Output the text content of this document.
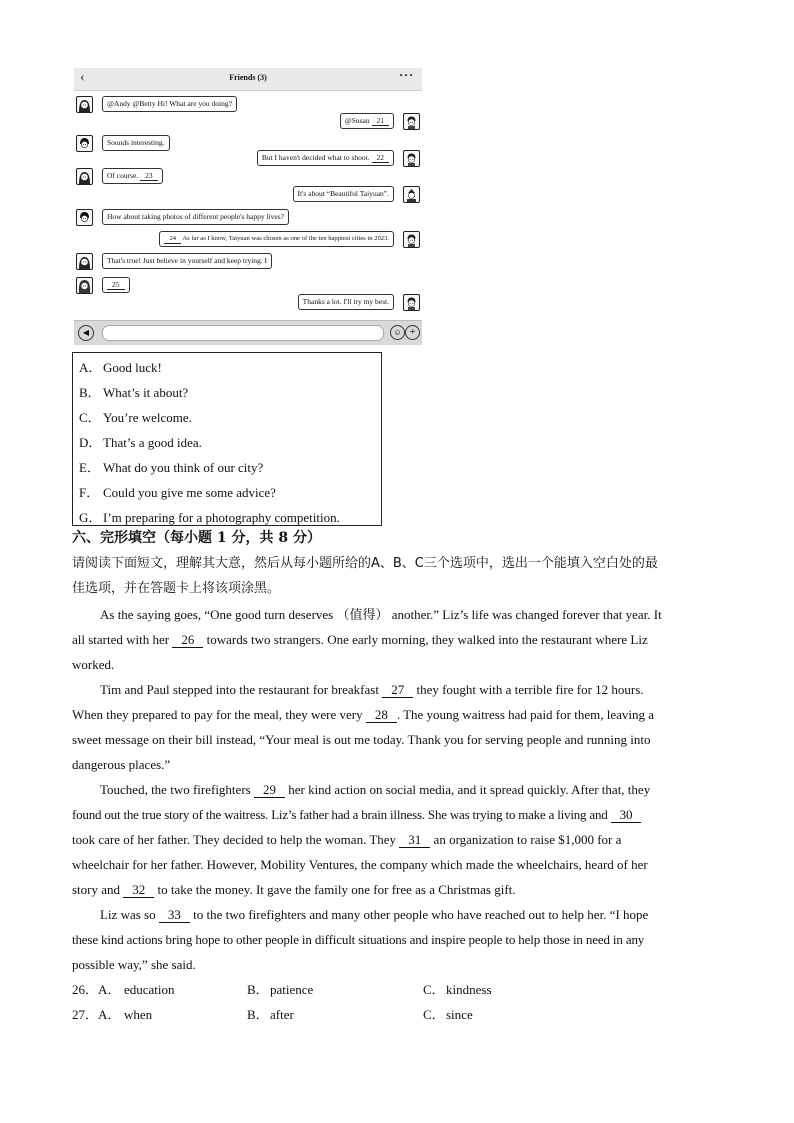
‹	Friends (3)	···
@Andy @Betty Hi! What are you doing?
@Susan 21
Sounds interesting.
But I haven't decided what to shoot. 22
Of course. 23
It's about “Beautiful Taiyuan”.
How about taking photos of different people's happy lives?
24 As far as I know, Taiyuan was chosen as one of the ten happiest cities in 2023.
That's true! Just believe in yourself and keep trying. I
25
Thanks a lot. I'll try my best.
◀	☺ +
A． Good luck!
B． What’s it about?
C． You’re welcome.
D． That’s a good idea.
E． What do you think of our city?
F． Could you give me some advice?
G． I’m preparing for a photography competition.
六、完形填空（每小题 1 分，共 8 分）
请阅读下面短文，理解其大意，然后从每小题所给的A、B、C三个选项中，选出一个能填入空白处的最
佳选项，并在答题卡上将该项涂黑。
As the saying goes, “One good turn deserves （值得） another.” Liz’s life was changed forever that year. It
all started with her 26 towards two strangers. One early morning, they walked into the restaurant where Liz
worked.
Tim and Paul stepped into the restaurant for breakfast 27 they fought with a terrible fire for 12 hours.
When they prepared to pay for the meal, they were very 28 . The young waitress had paid for them, leaving a
sweet message on their bill instead, “Your meal is out me today. Thank you for serving people and running into
dangerous places.”
Touched, the two firefighters 29 her kind action on social media, and it spread quickly. After that, they
found out the true story of the waitress. Liz’s father had a brain illness. She was trying to make a living and 30
took care of her father. They decided to help the woman. They 31 an organization to raise $1,000 for a
wheelchair for her father. However, Mobility Ventures, the company which made the wheelchairs, heard of her
story and 32 to take the money. It gave the family one for free as a Christmas gift.
Liz was so 33 to the two firefighters and many other people who have reached out to help her. “I hope
these kind actions bring hope to other people in difficult situations and inspire people to help those in need in any
possible way,” she said.
26．A． education	B． patience	C． kindness
27．A． when	B． after	C． since
